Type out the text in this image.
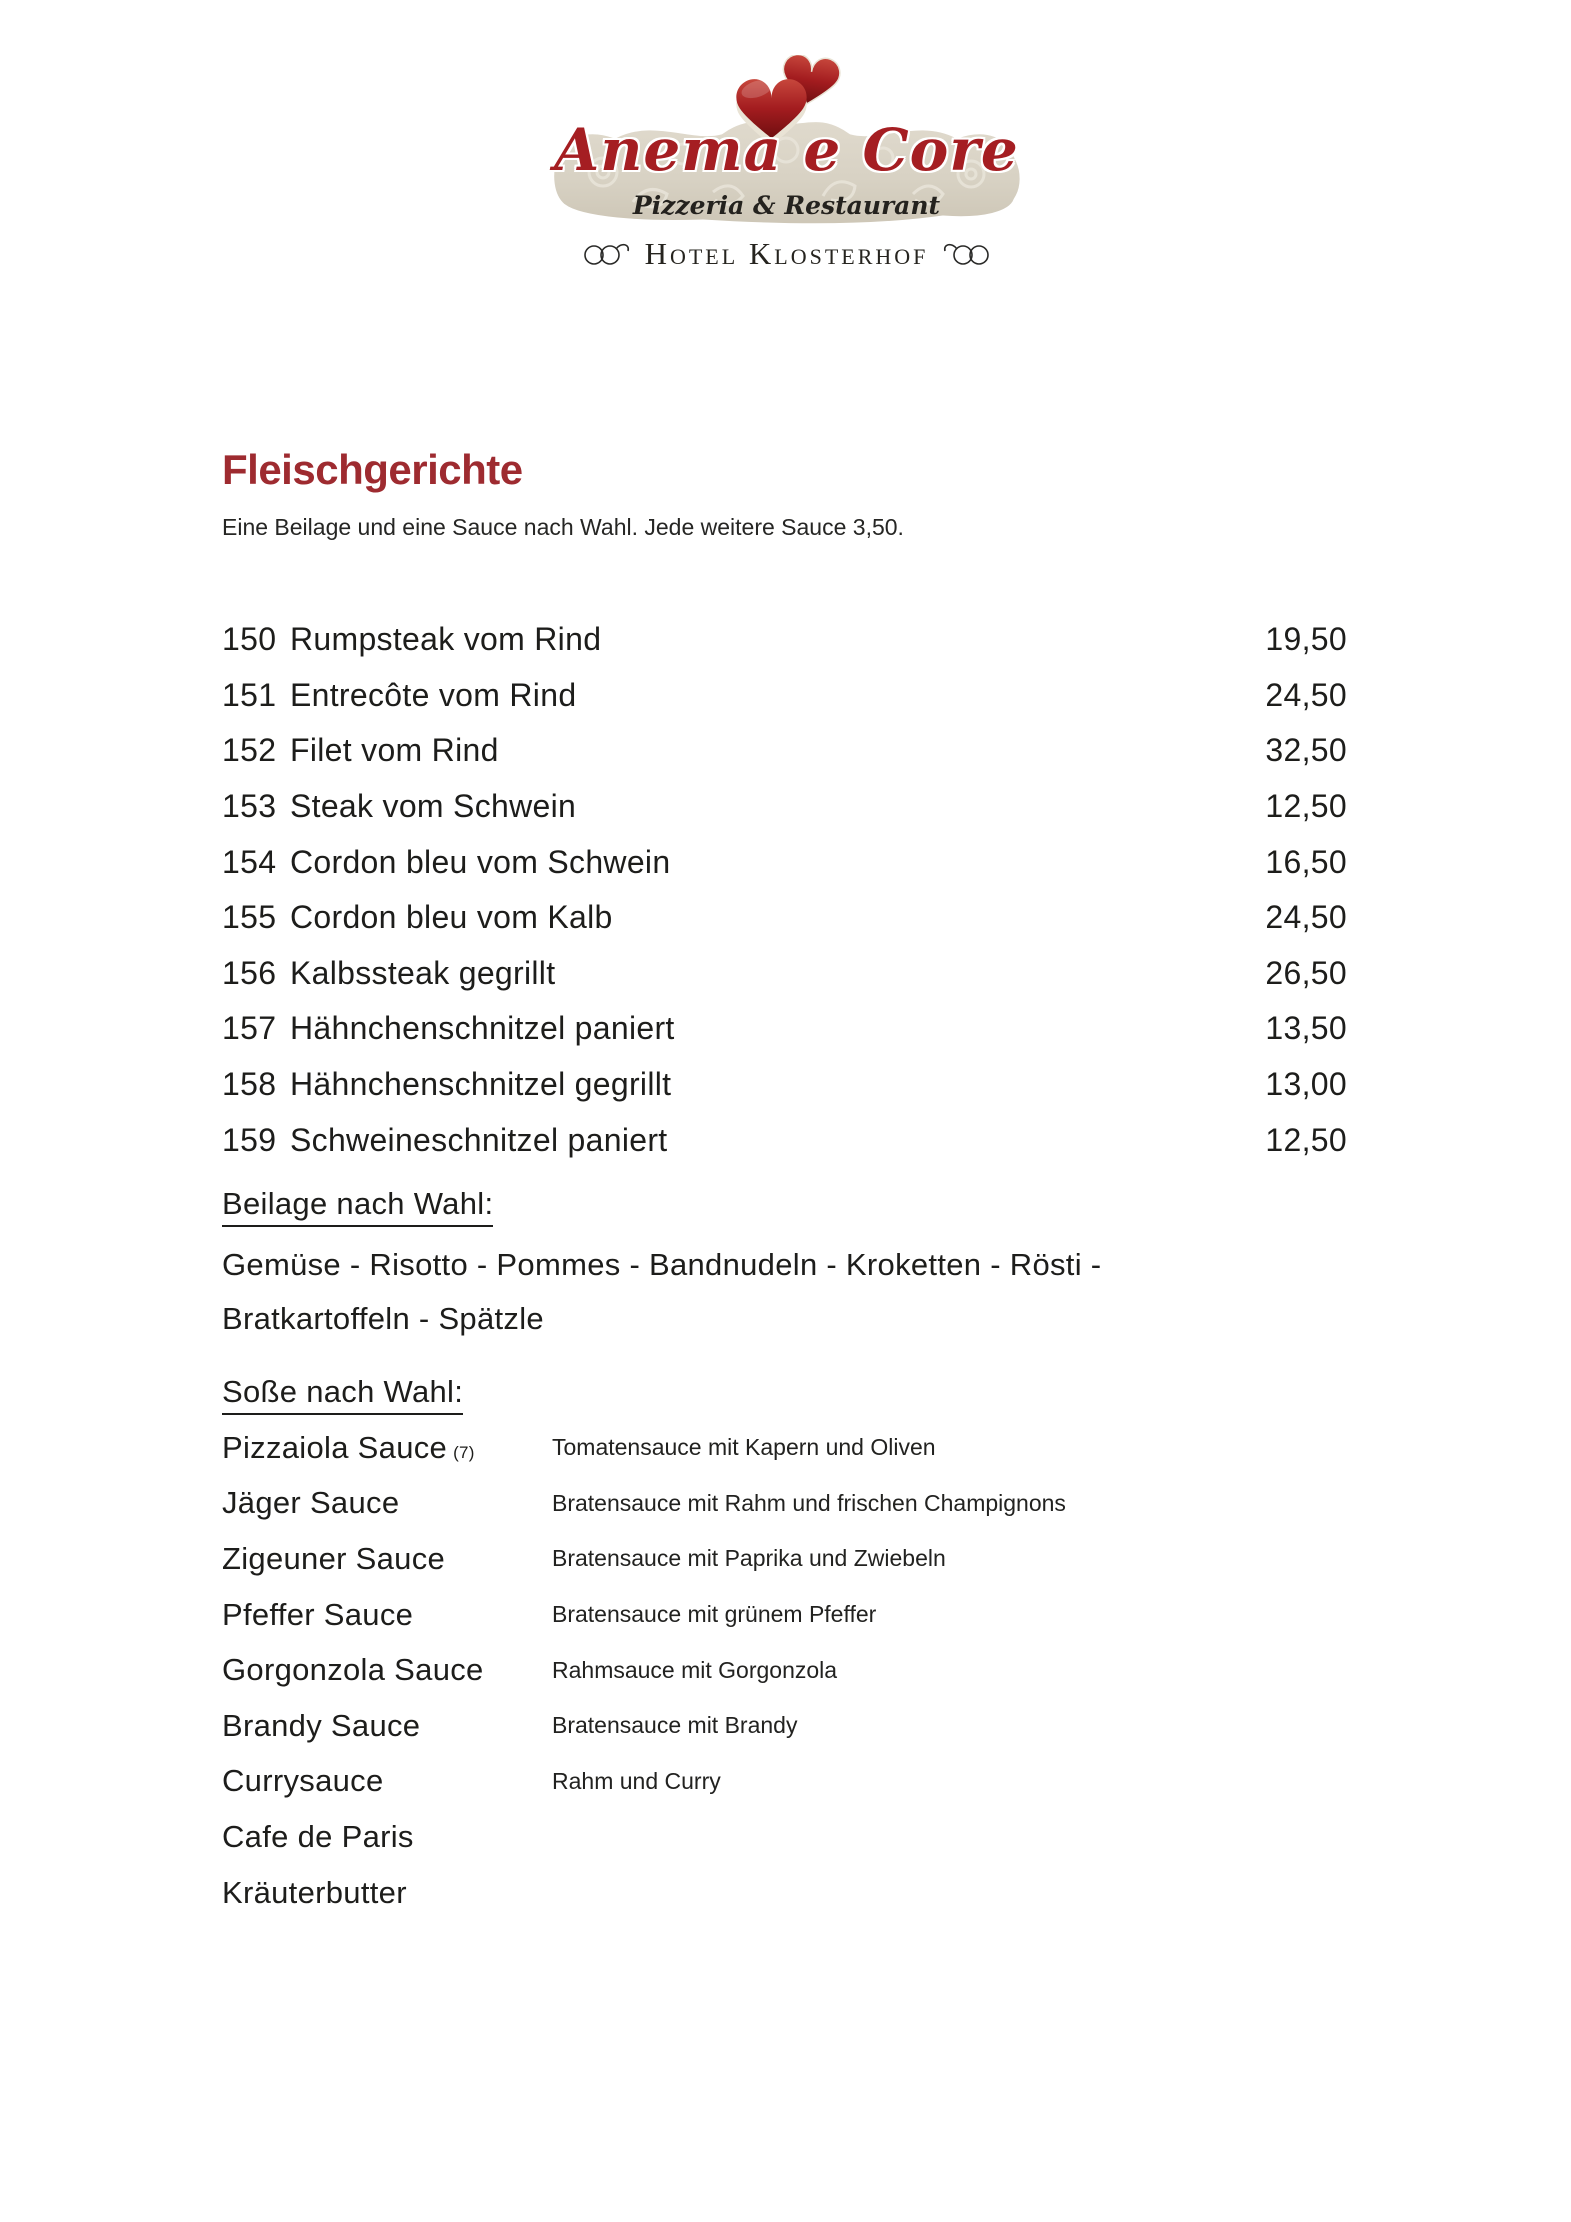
Anema e Core
Pizzeria & Restaurant
Hotel Klosterhof
Fleischgerichte
Eine Beilage und eine Sauce nach Wahl. Jede weitere Sauce 3,50.
150 Rumpsteak vom Rind	19,50
151 Entrecôte vom Rind	24,50
152 Filet vom Rind	32,50
153 Steak vom Schwein	12,50
154 Cordon bleu vom Schwein	16,50
155 Cordon bleu vom Kalb	24,50
156 Kalbssteak gegrillt	26,50
157 Hähnchenschnitzel paniert	13,50
158 Hähnchenschnitzel gegrillt	13,00
159 Schweineschnitzel paniert	12,50
Beilage nach Wahl:
Gemüse - Risotto - Pommes - Bandnudeln - Kroketten - Rösti -
Bratkartoffeln - Spätzle
Soße nach Wahl:
Pizzaiola Sauce (7)	Tomatensauce mit Kapern und Oliven
Jäger Sauce	Bratensauce mit Rahm und frischen Champignons
Zigeuner Sauce	Bratensauce mit Paprika und Zwiebeln
Pfeffer Sauce	Bratensauce mit grünem Pfeffer
Gorgonzola Sauce	Rahmsauce mit Gorgonzola
Brandy Sauce	Bratensauce mit Brandy
Currysauce	Rahm und Curry
Cafe de Paris
Kräuterbutter
